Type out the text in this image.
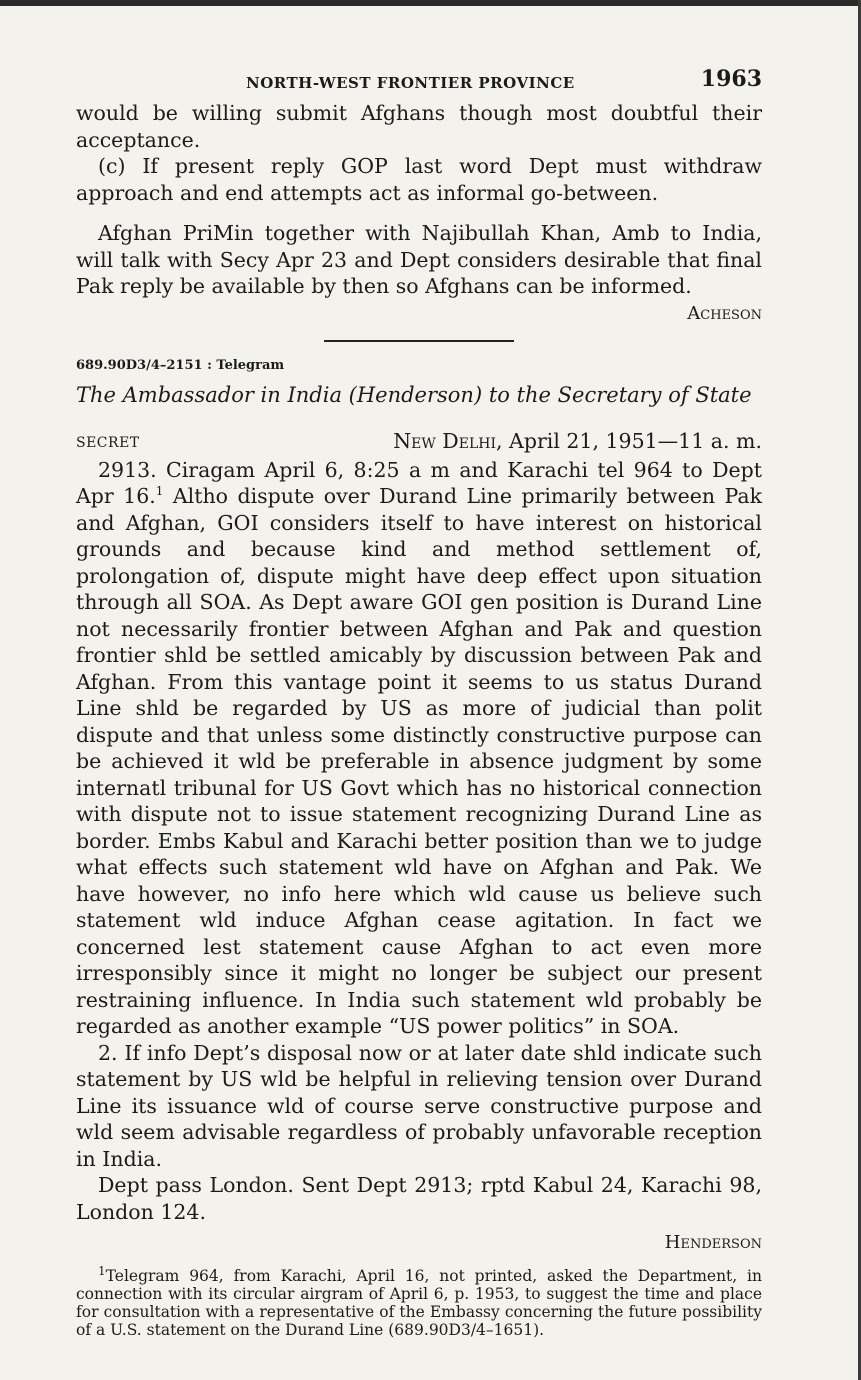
NORTH-WEST FRONTIER PROVINCE	1963

would be willing submit Afghans though most doubtful their acceptance.

(c) If present reply GOP last word Dept must withdraw approach and end attempts act as informal go-between.

Afghan PriMin together with Najibullah Khan, Amb to India, will talk with Secy Apr 23 and Dept considers desirable that final Pak reply be available by then so Afghans can be informed.

Acheson
689.90D3/4–2151 : Telegram
The Ambassador in India (Henderson) to the Secretary of State
SECRET	New Delhi, April 21, 1951—11 a. m.

2913. Ciragam April 6, 8:25 a m and Karachi tel 964 to Dept Apr 16.$^1$ Altho dispute over Durand Line primarily between Pak and Afghan, GOI considers itself to have interest on historical grounds and because kind and method settlement of, prolongation of, dispute might have deep effect upon situation through all SOA. As Dept aware GOI gen position is Durand Line not necessarily frontier between Afghan and Pak and question frontier shld be settled amicably by discussion between Pak and Afghan. From this vantage point it seems to us status Durand Line shld be regarded by US as more of judicial than polit dispute and that unless some distinctly constructive purpose can be achieved it wld be preferable in absence judgment by some internatl tribunal for US Govt which has no historical connection with dispute not to issue statement recognizing Durand Line as border. Embs Kabul and Karachi better position than we to judge what effects such statement wld have on Afghan and Pak. We have however, no info here which wld cause us believe such statement wld induce Afghan cease agitation. In fact we concerned lest statement cause Afghan to act even more irresponsibly since it might no longer be subject our present restraining influence. In India such statement wld probably be regarded as another example “US power politics” in SOA.

2. If info Dept’s disposal now or at later date shld indicate such statement by US wld be helpful in relieving tension over Durand Line its issuance wld of course serve constructive purpose and wld seem advisable regardless of probably unfavorable reception in India.

Dept pass London. Sent Dept 2913; rptd Kabul 24, Karachi 98, London 124.

Henderson
$^1$Telegram 964, from Karachi, April 16, not printed, asked the Department, in connection with its circular airgram of April 6, p. 1953, to suggest the time and place for consultation with a representative of the Embassy concerning the future possibility of a U.S. statement on the Durand Line (689.90D3/4–1651).
